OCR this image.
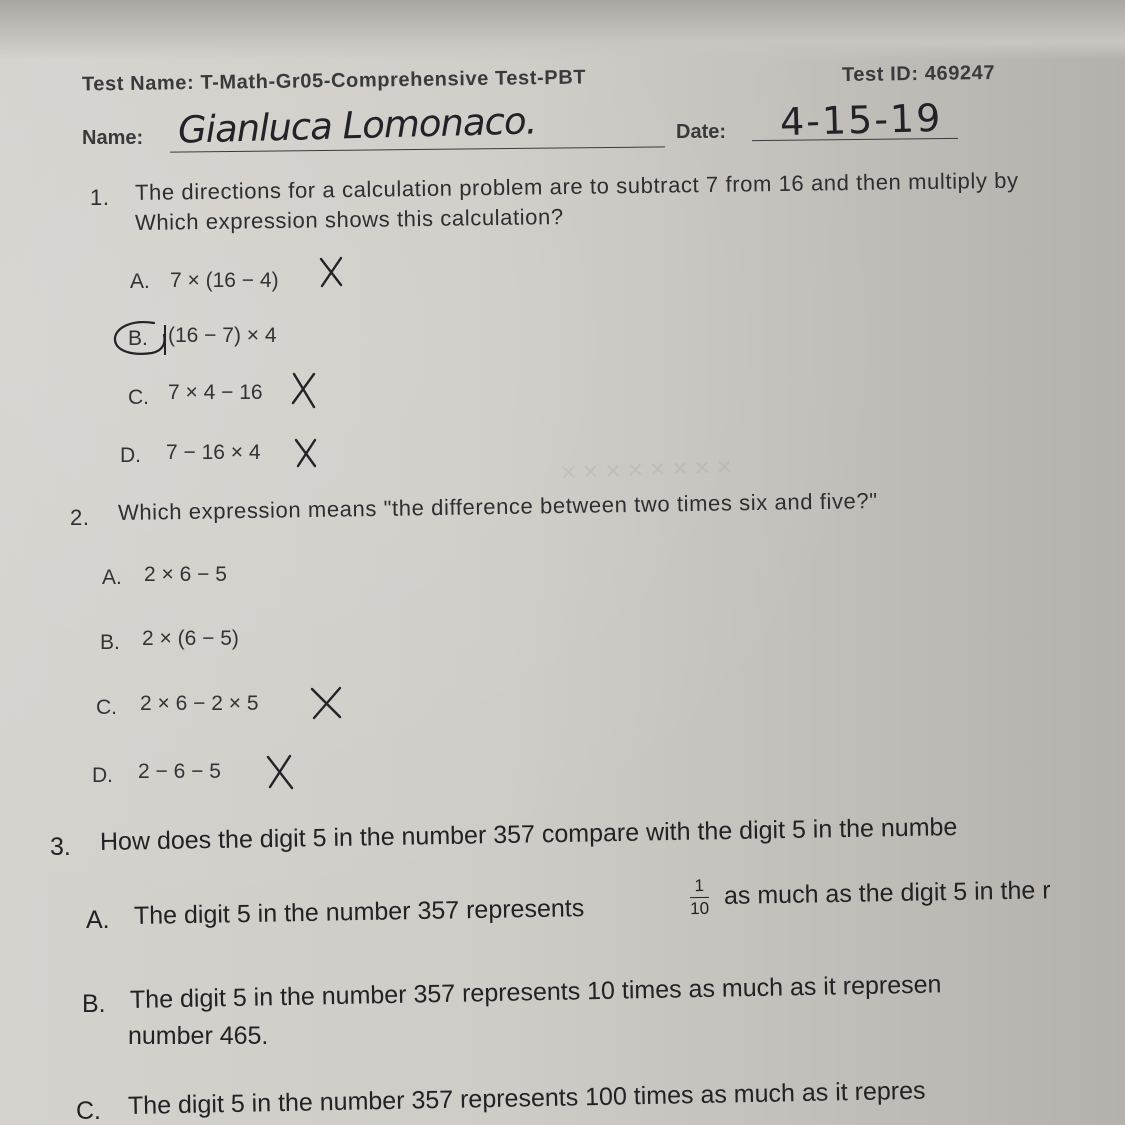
✕ ✕ ✕ ✕ ✕ ✕ ✕ ✕
Test Name: T-Math-Gr05-Comprehensive Test-PBT	Test ID: 469247
Name: Gianluca Lomonaco.	Date: 4-15-19
1. The directions for a calculation problem are to subtract 7 from 16 and then multiply by
Which expression shows this calculation?
A. 7 × (16 − 4)
B. (16 − 7) × 4
C. 7 × 4 − 16
D. 7 − 16 × 4
2. Which expression means "the difference between two times six and five?"
A. 2 × 6 − 5
B. 2 × (6 − 5)
C. 2 × 6 − 2 × 5
D. 2 − 6 − 5
3. How does the digit 5 in the number 357 compare with the digit 5 in the numbe
A. The digit 5 in the number 357 represents	$\frac{1}{10}$ as much as the digit 5 in the r
B. The digit 5 in the number 357 represents 10 times as much as it represen
number 465.
C. The digit 5 in the number 357 represents 100 times as much as it repres
